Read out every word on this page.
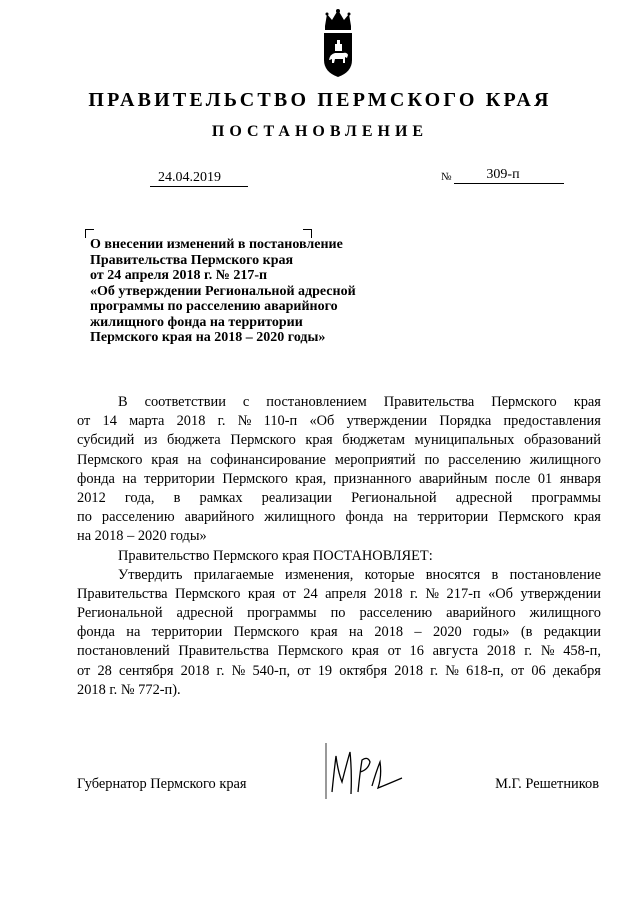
ПРАВИТЕЛЬСТВО ПЕРМСКОГО КРАЯ
ПОСТАНОВЛЕНИЕ
24.04.2019	№	309-п
О внесении изменений в постановление
Правительства Пермского края
от 24 апреля 2018 г. № 217-п
«Об утверждении Региональной адресной
программы по расселению аварийного
жилищного фонда на территории
Пермского края на 2018 – 2020 годы»
В соответствии с постановлением Правительства Пермского края
от 14 марта 2018 г. № 110-п «Об утверждении Порядка предоставления
субсидий из бюджета Пермского края бюджетам муниципальных образований
Пермского края на софинансирование мероприятий по расселению жилищного
фонда на территории Пермского края, признанного аварийным после 01 января
2012 года, в рамках реализации Региональной адресной программы
по расселению аварийного жилищного фонда на территории Пермского края
на 2018 – 2020 годы»
Правительство Пермского края ПОСТАНОВЛЯЕТ:
Утвердить прилагаемые изменения, которые вносятся в постановление
Правительства Пермского края от 24 апреля 2018 г. № 217-п «Об утверждении
Региональной адресной программы по расселению аварийного жилищного
фонда на территории Пермского края на 2018 – 2020 годы» (в редакции
постановлений Правительства Пермского края от 16 августа 2018 г. № 458-п,
от 28 сентября 2018 г. № 540-п, от 19 октября 2018 г. № 618-п, от 06 декабря
2018 г. № 772-п).
Губернатор Пермского края	М.Г. Решетников
